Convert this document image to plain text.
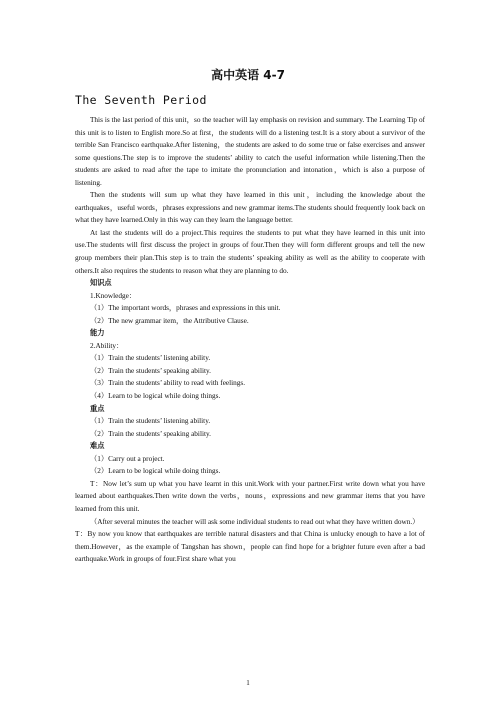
高中英语 4-7
The Seventh Period

This is the last period of this unit，so the teacher will lay emphasis on revision and summary. The Learning Tip of this unit is to listen to English more.So at first，the students will do a listening test.It is a story about a survivor of the terrible San Francisco earthquake.After listening，the students are asked to do some true or false exercises and answer some questions.The step is to improve the students’ ability to catch the useful information while listening.Then the students are asked to read after the tape to imitate the pronunciation and intonation，which is also a purpose of listening.

Then the students will sum up what they have learned in this unit，including the knowledge about the earthquakes，useful words，phrases expressions and new grammar items.The students should frequently look back on what they have learned.Only in this way can they learn the language better.

At last the students will do a project.This requires the students to put what they have learned in this unit into use.The students will first discuss the project in groups of four.Then they will form different groups and tell the new group members their plan.This step is to train the students’ speaking ability as well as the ability to cooperate with others.It also requires the students to reason what they are planning to do.

知识点

1.Knowledge：

（1）The important words，phrases and expressions in this unit.

（2）The new grammar item，the Attributive Clause.

能力

2.Ability：

（1）Train the students’ listening ability.

（2）Train the students’ speaking ability.

（3）Train the students’ ability to read with feelings.

（4）Learn to be logical while doing things.

重点

（1）Train the students’ listening ability.

（2）Train the students’ speaking ability.

难点

（1）Carry out a project.

（2）Learn to be logical while doing things.

T：Now let’s sum up what you have learnt in this unit.Work with your partner.First write down what you have learned about earthquakes.Then write down the verbs，nouns，expressions and new grammar items that you have learned from this unit.

（After several minutes the teacher will ask some individual students to read out what they have written down.）

T：By now you know that earthquakes are terrible natural disasters and that China is unlucky enough to have a lot of them.However，as the example of Tangshan has shown，people can find hope for a brighter future even after a bad earthquake.Work in groups of four.First share what you

1
